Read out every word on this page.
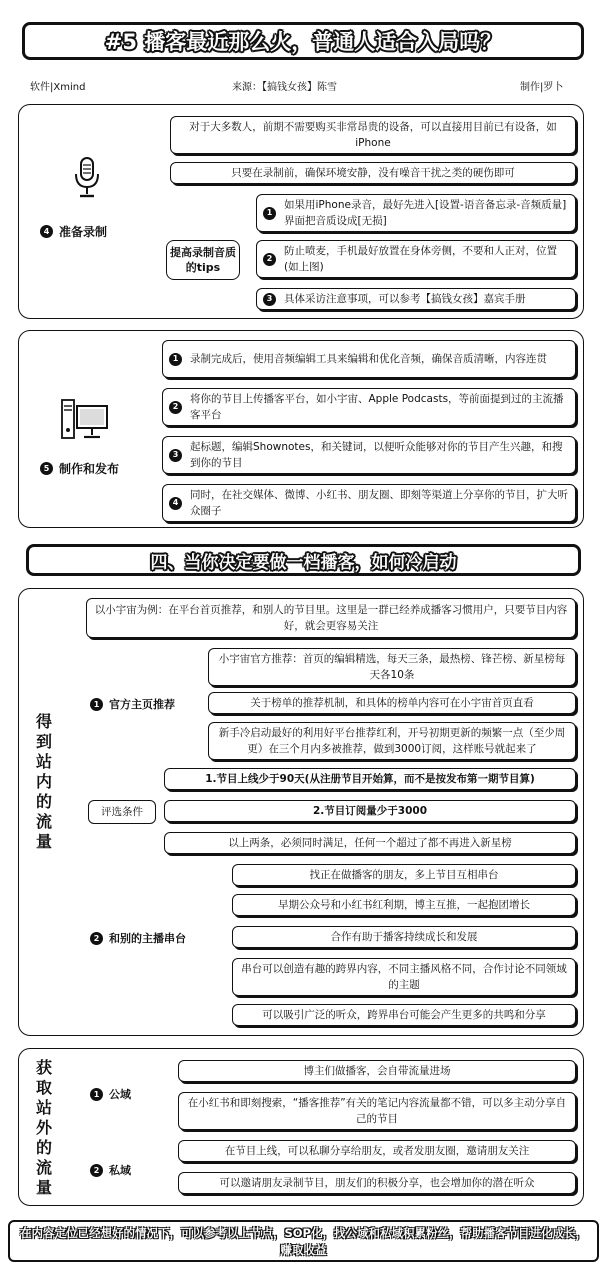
#5 播客最近那么火，普通人适合入局吗？
软件|Xmind	来源：【搞钱女孩】陈雪	制作|罗卜
4 准备录制
对于大多数人，前期不需要购买非常昂贵的设备，可以直接用目前已有设备，如iPhone
只要在录制前，确保环境安静，没有噪音干扰之类的硬伤即可
提高录制音质的tips
1
如果用iPhone录音，最好先进入[设置-语音备忘录-音频质量]界面把音质设成[无损]
2
防止喷麦，手机最好放置在身体旁侧，不要和人正对，位置(如上图)
3	具体采访注意事项，可以参考【搞钱女孩】嘉宾手册
5 制作和发布
1	录制完成后，使用音频编辑工具来编辑和优化音频，确保音质清晰，内容连贯
2
将你的节目上传播客平台，如小宇宙、Apple Podcasts，等前面提到过的主流播客平台
3
起标题，编辑Shownotes，和关键词，以便听众能够对你的节目产生兴趣，和搜到你的节目
4
同时，在社交媒体、微博、小红书、朋友圈、即刻等渠道上分享你的节目，扩大听众圈子
四、当你决定要做一档播客，如何冷启动
得
到
站
内
的
流
量
以小宇宙为例：在平台首页推荐，和别人的节目里。这里是一群已经养成播客习惯用户，只要节目内容好，就会更容易关注
1 官方主页推荐
小宇宙官方推荐：首页的编辑精选，每天三条，最热榜、锋芒榜、新星榜每天各10条
关于榜单的推荐机制，和具体的榜单内容可在小宇宙首页直看
新手冷启动最好的利用好平台推荐红利，开号初期更新的频繁一点（至少周更）在三个月内多被推荐，做到3000订阅，这样账号就起来了
评选条件
1.节目上线少于90天(从注册节目开始算，而不是按发布第一期节目算)
2.节目订阅量少于3000
以上两条，必须同时满足，任何一个超过了都不再进入新星榜
2 和别的主播串台
找正在做播客的朋友，多上节目互相串台
早期公众号和小红书红利期，博主互推，一起抱团增长
合作有助于播客持续成长和发展
串台可以创造有趣的跨界内容，不同主播风格不同，合作讨论不同领域的主题
可以吸引广泛的听众，跨界串台可能会产生更多的共鸣和分享
获
取
站
外
的
流
量
1 公域
博主们做播客，会自带流量进场
在小红书和即刻搜索，“播客推荐”有关的笔记内容流量都不错，可以多主动分享自己的节目
2 私域
在节目上线，可以私聊分享给朋友，或者发朋友圈，邀请朋友关注
可以邀请朋友录制节目，朋友们的积极分享，也会增加你的潜在听众
在内容定位已经想好的情况下，可以参考以上节点，SOP化，找公域和私域积累粉丝，帮助播客节目进化成长，赚取收益
